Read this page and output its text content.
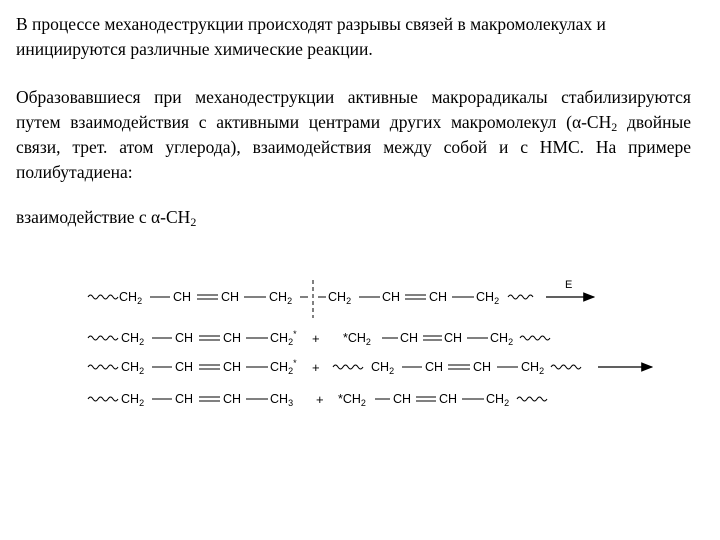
В процессе механодеструкции происходят разрывы связей в макромолекулах и инициируются различные химические реакции.

Образовавшиеся при механодеструкции активные макрорадикалы стабилизируются путем взаимодействия с активными центрами других макромолекул ($\alpha-CH_2$ двойные связи, трет. атом углерода), взаимодействия между собой и с НМС. На примере полибутадиена:

взаимодействие с $\alpha-CH_2$

$CH_2$ CH CH $CH_2$	$CH_2$ CH CH $CH_2$
E
$CH_2$ CH CH $CH_2^* + *CH_2$ CH CH $CH_2$
$CH_2$ CH CH $CH_2^*$ +	$CH_2$ CH CH $CH_2$
$CH_2$ CH CH $CH_3 + *CH_2$ CH CH $CH_2$
